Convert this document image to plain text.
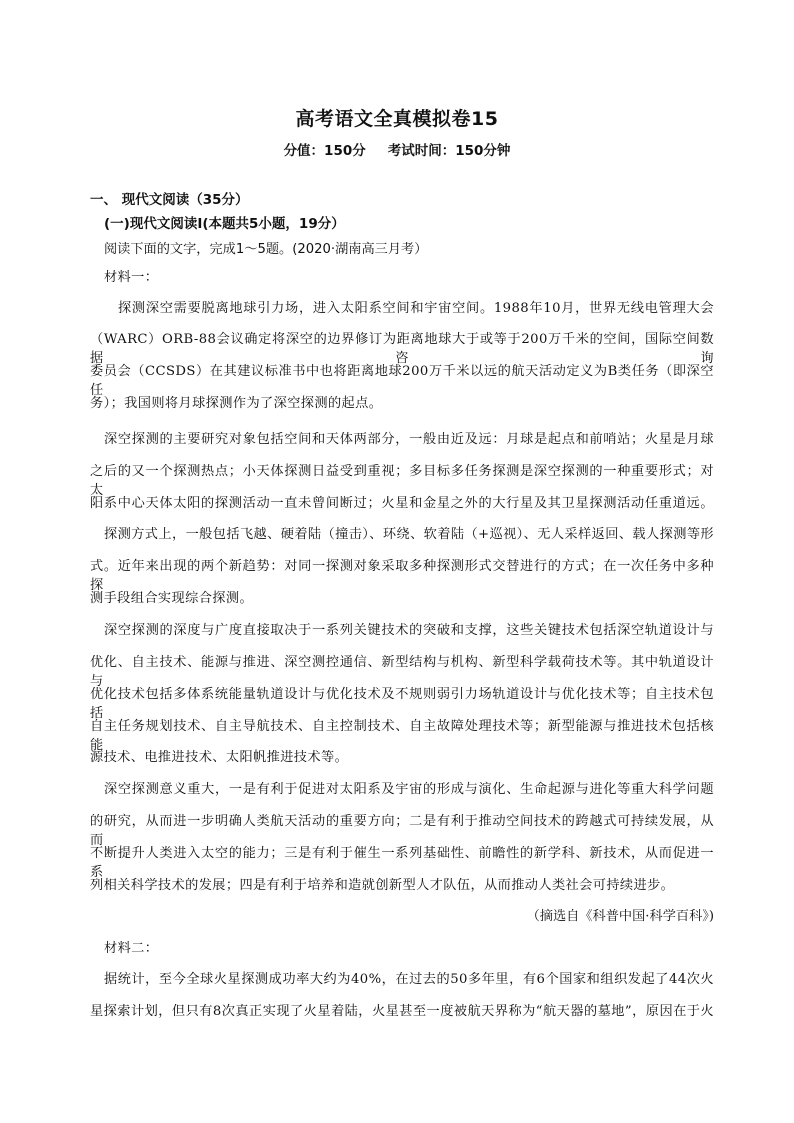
高考语文全真模拟卷15
分值：150分 考试时间：150分钟
一、 现代文阅读（35分）
(一)现代文阅读Ⅰ(本题共5小题，19分）
阅读下面的文字，完成1～5题。(2020·湖南高三月考）
材料一：
探测深空需要脱离地球引力场，进入太阳系空间和宇宙空间。1988年10月，世界无线电管理大会
（WARC）ORB-88会议确定将深空的边界修订为距离地球大于或等于200万千米的空间，国际空间数据咨询
委员会（CCSDS）在其建议标准书中也将距离地球200万千米以远的航天活动定义为B类任务（即深空任
务）；我国则将月球探测作为了深空探测的起点。
深空探测的主要研究对象包括空间和天体两部分，一般由近及远：月球是起点和前哨站；火星是月球
之后的又一个探测热点；小天体探测日益受到重视；多目标多任务探测是深空探测的一种重要形式；对太
阳系中心天体太阳的探测活动一直未曾间断过；火星和金星之外的大行星及其卫星探测活动任重道远。
探测方式上，一般包括飞越、硬着陆（撞击）、环绕、软着陆（+巡视）、无人采样返回、载人探测等形
式。近年来出现的两个新趋势：对同一探测对象采取多种探测形式交替进行的方式；在一次任务中多种探
测手段组合实现综合探测。
深空探测的深度与广度直接取决于一系列关键技术的突破和支撑，这些关键技术包括深空轨道设计与
优化、自主技术、能源与推进、深空测控通信、新型结构与机构、新型科学载荷技术等。其中轨道设计与
优化技术包括多体系统能量轨道设计与优化技术及不规则弱引力场轨道设计与优化技术等；自主技术包括
自主任务规划技术、自主导航技术、自主控制技术、自主故障处理技术等；新型能源与推进技术包括核能
源技术、电推进技术、太阳帆推进技术等。
深空探测意义重大，一是有利于促进对太阳系及宇宙的形成与演化、生命起源与进化等重大科学问题
的研究，从而进一步明确人类航天活动的重要方向；二是有利于推动空间技术的跨越式可持续发展，从而
不断提升人类进入太空的能力；三是有利于催生一系列基础性、前瞻性的新学科、新技术，从而促进一系
列相关科学技术的发展；四是有利于培养和造就创新型人才队伍，从而推动人类社会可持续进步。
（摘选自《科普中国·科学百科》)
材料二：
据统计，至今全球火星探测成功率大约为40%，在过去的50多年里，有6个国家和组织发起了44次火
星探索计划，但只有8次真正实现了火星着陆，火星甚至一度被航天界称为“航天器的墓地”，原因在于火
